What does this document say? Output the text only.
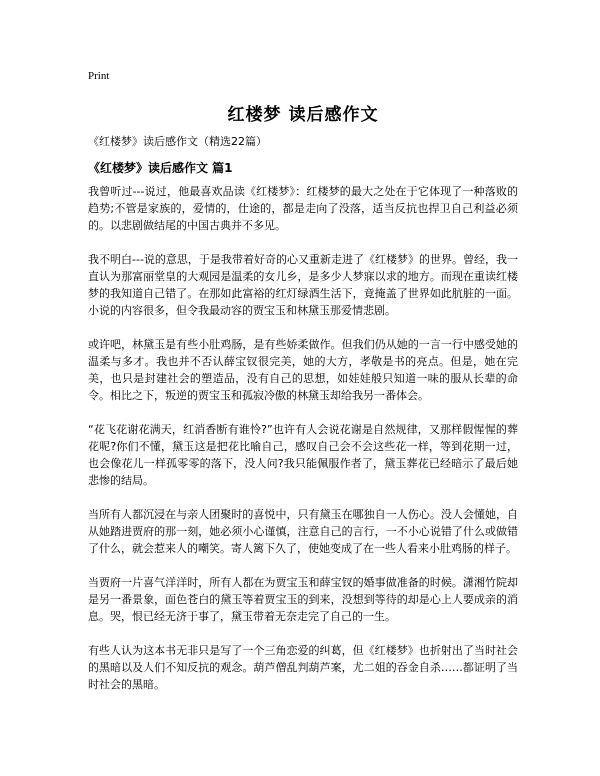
Print
红楼梦 读后感作文
《红楼梦》读后感作文（精选22篇）
《红楼梦》读后感作文 篇1

我曾听过---说过，他最喜欢品读《红楼梦》：红楼梦的最大之处在于它体现了一种落败的趋势;不管是家族的，爱情的，仕途的，都是走向了没落，适当反抗也捍卫自己利益必须的。以悲剧做结尾的中国古典并不多见。

我不明白---说的意思，于是我带着好奇的心又重新走进了《红楼梦》的世界。曾经，我一直认为那富丽堂皇的大观园是温柔的女儿乡，是多少人梦寐以求的地方。而现在重读红楼梦的我知道自己错了。在那如此富裕的红灯绿酒生活下，竟掩盖了世界如此肮脏的一面。小说的内容很多，但令我最动容的贾宝玉和林黛玉那爱情悲剧。

或许吧，林黛玉是有些小肚鸡肠，是有些娇柔做作。但我们仍从她的一言一行中感受她的温柔与多才。我也并不否认薛宝钗很完美，她的大方，孝敬是书的亮点。但是，她在完美，也只是封建社会的塑造品，没有自己的思想，如娃娃般只知道一味的服从长辈的命令。相比之下，叛逆的贾宝玉和孤寂冷傲的林黛玉却给我另一番体会。

“花飞花谢花满天，红消香断有谁怜?”也许有人会说花谢是自然规律，又那样假惺惺的葬花呢?你们不懂，黛玉这是把花比喻自己，感叹自己会不会这些花一样，等到花期一过，也会像花儿一样孤零零的落下，没人问?我只能佩服作者了，黛玉葬花已经暗示了最后她悲惨的结局。

当所有人都沉浸在与亲人团聚时的喜悦中，只有黛玉在哪独自一人伤心。没人会懂她，自从她踏进贾府的那一刻，她必须小心谨慎，注意自己的言行，一不小心说错了什么或做错了什么，就会惹来人的嘲笑。寄人篱下久了，使她变成了在一些人看来小肚鸡肠的样子。

当贾府一片喜气洋洋时，所有人都在为贾宝玉和薛宝钗的婚事做准备的时候。潇湘竹院却是另一番景象，面色苍白的黛玉等着贾宝玉的到来，没想到等待的却是心上人要成亲的消息。哭，恨已经无济于事了，黛玉带着无奈走完了自己的一生。

有些人认为这本书无非只是写了一个三角恋爱的纠葛，但《红楼梦》也折射出了当时社会的黑暗以及人们不知反抗的观念。葫芦僧乱判葫芦案，尤二姐的吞金自杀……都证明了当时社会的黑暗。
